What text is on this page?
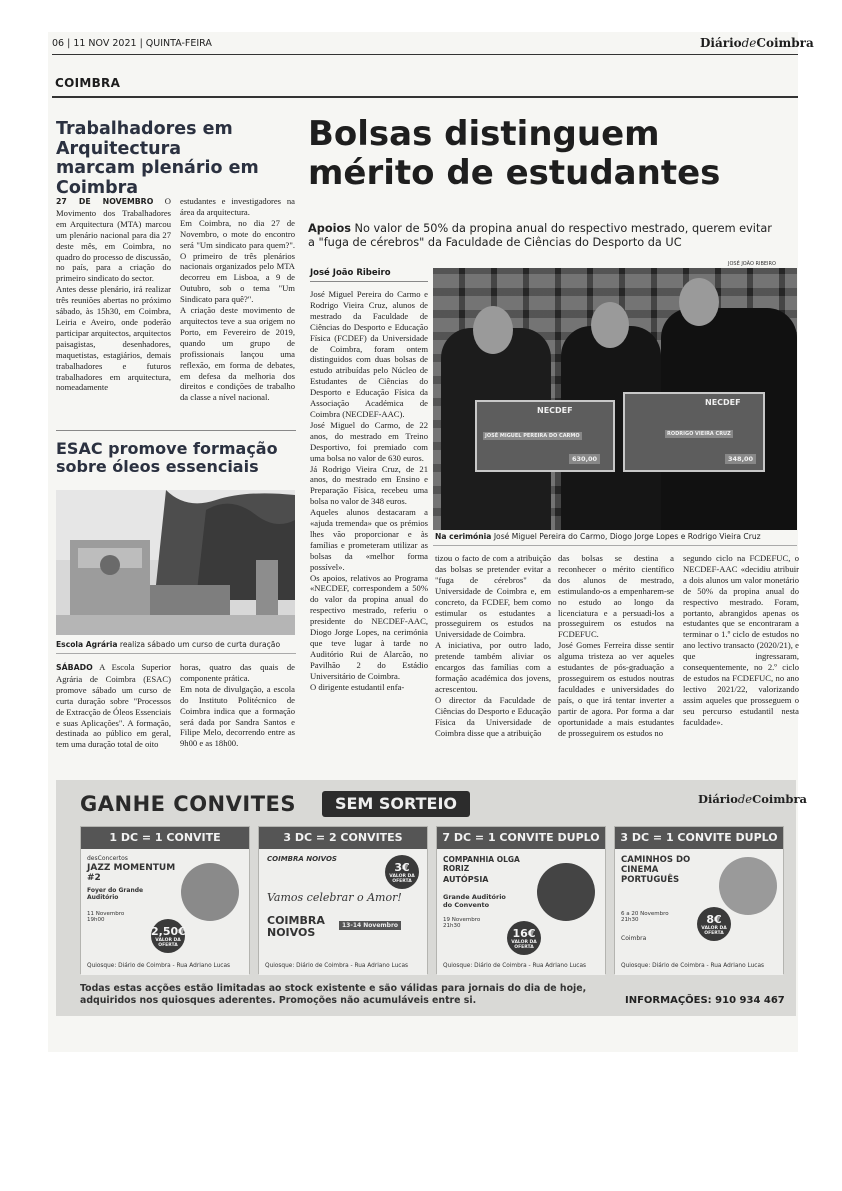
06 | 11 NOV 2021 | QUINTA-FEIRA	DiáriodeCoimbra
COIMBRA
Trabalhadores em Arquitectura marcam plenário em Coimbra
27 DE NOVEMBRO O Movimento dos Trabalhadores em Arquitectura (MTA) marcou um plenário nacional para dia 27 deste mês, em Coimbra, no quadro do processo de discussão, no país, para a criação do primeiro sindicato do sector.
Antes desse plenário, irá realizar três reuniões abertas no próximo sábado, às 15h30, em Coimbra, Leiria e Aveiro, onde poderão participar arquitectos, arquitectos paisagistas, desenhadores, maquetistas, estagiários, demais trabalhadores e futuros trabalhadores em arquitectura, nomeadamente
estudantes e investigadores na área da arquitectura.
Em Coimbra, no dia 27 de Novembro, o mote do encontro será "Um sindicato para quem?". O primeiro de três plenários nacionais organizados pelo MTA decorreu em Lisboa, a 9 de Outubro, sob o tema "Um Sindicato para quê?".
A criação deste movimento de arquitectos teve a sua origem no Porto, em Fevereiro de 2019, quando um grupo de profissionais lançou uma reflexão, em forma de debates, em defesa da melhoria dos direitos e condições de trabalho da classe a nível nacional.
ESAC promove formação sobre óleos essenciais
Escola Agrária realiza sábado um curso de curta duração
SÁBADO A Escola Superior Agrária de Coimbra (ESAC) promove sábado um curso de curta duração sobre "Processos de Extracção de Óleos Essenciais e suas Aplicações". A formação, destinada ao público em geral, tem uma duração total de oito
horas, quatro das quais de componente prática.
Em nota de divulgação, a escola do Instituto Politécnico de Coimbra indica que a formação será dada por Sandra Santos e Filipe Melo, decorrendo entre as 9h00 e as 18h00.
Bolsas distinguem mérito de estudantes
Apoios No valor de 50% da propina anual do respectivo mestrado, querem evitar a "fuga de cérebros" da Faculdade de Ciências do Desporto da UC
José João Ribeiro
JOSÉ JOÃO RIBEIRO
NECDEF
JOSÉ MIGUEL PEREIRA DO CARMO
630,00
NECDEF
RODRIGO VIEIRA CRUZ
348,00
Na cerimónia José Miguel Pereira do Carmo, Diogo Jorge Lopes e Rodrigo Vieira Cruz
José Miguel Pereira do Carmo e Rodrigo Vieira Cruz, alunos de mestrado da Faculdade de Ciências do Desporto e Educação Física (FCDEF) da Universidade de Coimbra, foram ontem distinguidos com duas bolsas de estudo atribuídas pelo Núcleo de Estudantes de Ciências do Desporto e Educação Física da Associação Académica de Coimbra (NECDEF-AAC).
José Miguel do Carmo, de 22 anos, do mestrado em Treino Desportivo, foi premiado com uma bolsa no valor de 630 euros.
Já Rodrigo Vieira Cruz, de 21 anos, do mestrado em Ensino e Preparação Física, recebeu uma bolsa no valor de 348 euros.
Aqueles alunos destacaram a «ajuda tremenda» que os prémios lhes vão proporcionar e às famílias e prometeram utilizar as bolsas da «melhor forma possível».
Os apoios, relativos ao Programa «NECDEF, correspondem a 50% do valor da propina anual do respectivo mestrado, referiu o presidente do NECDEF-AAC, Diogo Jorge Lopes, na cerimónia que teve lugar à tarde no Auditório Rui de Alarcão, no Pavilhão 2 do Estádio Universitário de Coimbra.
O dirigente estudantil enfa-
tizou o facto de com a atribuição das bolsas se pretender evitar a "fuga de cérebros" da Universidade de Coimbra e, em concreto, da FCDEF, bem como estimular os estudantes a prosseguirem os estudos na Universidade de Coimbra.
A iniciativa, por outro lado, pretende também aliviar os encargos das famílias com a formação académica dos jovens, acrescentou.
O director da Faculdade de Ciências do Desporto e Educação Física da Universidade de Coimbra disse que a atribuição
das bolsas se destina a reconhecer o mérito científico dos alunos de mestrado, estimulando-os a empenharem-se no estudo ao longo da licenciatura e a persuadi-los a prosseguirem os estudos na FCDEFUC.
José Gomes Ferreira disse sentir alguma tristeza ao ver aqueles estudantes de pós-graduação a prosseguirem os estudos noutras faculdades e universidades do país, o que irá tentar inverter a partir de agora. Por forma a dar oportunidade a mais estudantes de prosseguirem os estudos no
segundo ciclo na FCDEFUC, o NECDEF-AAC «decidiu atribuir a dois alunos um valor monetário de 50% da propina anual do respectivo mestrado. Foram, portanto, abrangidos apenas os estudantes que se encontraram a terminar o 1.º ciclo de estudos no ano lectivo transacto (2020/21), e que ingressaram, consequentemente, no 2.º ciclo de estudos na FCDEFUC, no ano lectivo 2021/22, valorizando assim aqueles que prosseguem o seu percurso estudantil nesta faculdade».
GANHE CONVITES	SEM SORTEIO	DiáriodeCoimbra
1 DC = 1 CONVITE
desConcertos
JAZZ MOMENTUM #2
Foyer do Grande Auditório
11 Novembro 19h00
2,50€
VALOR DA OFERTA
Quiosque: Diário de Coimbra - Rua Adriano Lucas
3 DC = 2 CONVITES
COIMBRA NOIVOS
Vamos celebrar o Amor!
COIMBRA NOIVOS
13-14 Novembro
3€
VALOR DA OFERTA
Quiosque: Diário de Coimbra - Rua Adriano Lucas
7 DC = 1 CONVITE DUPLO
COMPANHIA OLGA RORIZ
AUTÓPSIA
Grande Auditório do Convento
19 Novembro 21h30
16€
VALOR DA OFERTA
Quiosque: Diário de Coimbra - Rua Adriano Lucas
3 DC = 1 CONVITE DUPLO
CAMINHOS DO CINEMA PORTUGUÊS
6 a 20 Novembro 21h30
Coimbra
8€
VALOR DA OFERTA
Quiosque: Diário de Coimbra - Rua Adriano Lucas
Todas estas acções estão limitadas ao stock existente e são válidas para jornais do dia de hoje, adquiridos nos quiosques aderentes. Promoções não acumuláveis entre si.	INFORMAÇÕES: 910 934 467
